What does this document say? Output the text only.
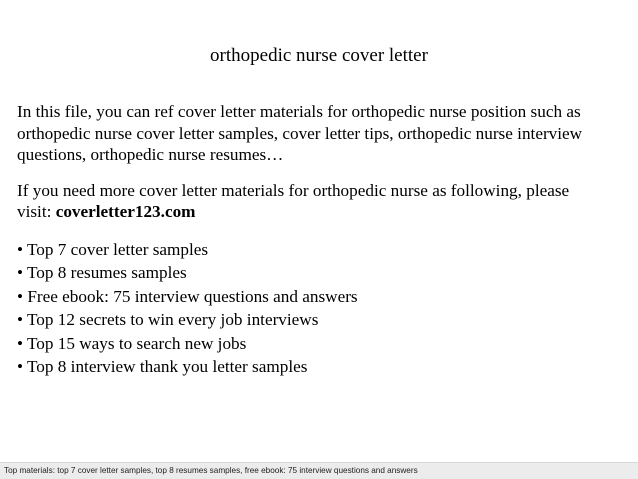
orthopedic nurse cover letter

In this file, you can ref cover letter materials for orthopedic nurse position such as

orthopedic nurse cover letter samples, cover letter tips, orthopedic nurse interview

questions, orthopedic nurse resumes…

If you need more cover letter materials for orthopedic nurse as following, please

visit: coverletter123.com

• Top 7 cover letter samples
• Top 8 resumes samples
• Free ebook: 75 interview questions and answers
• Top 12 secrets to win every job interviews
• Top 15 ways to search new jobs
• Top 8 interview thank you letter samples
Top materials: top 7 cover letter samples, top 8 resumes samples, free ebook: 75 interview questions and answers
